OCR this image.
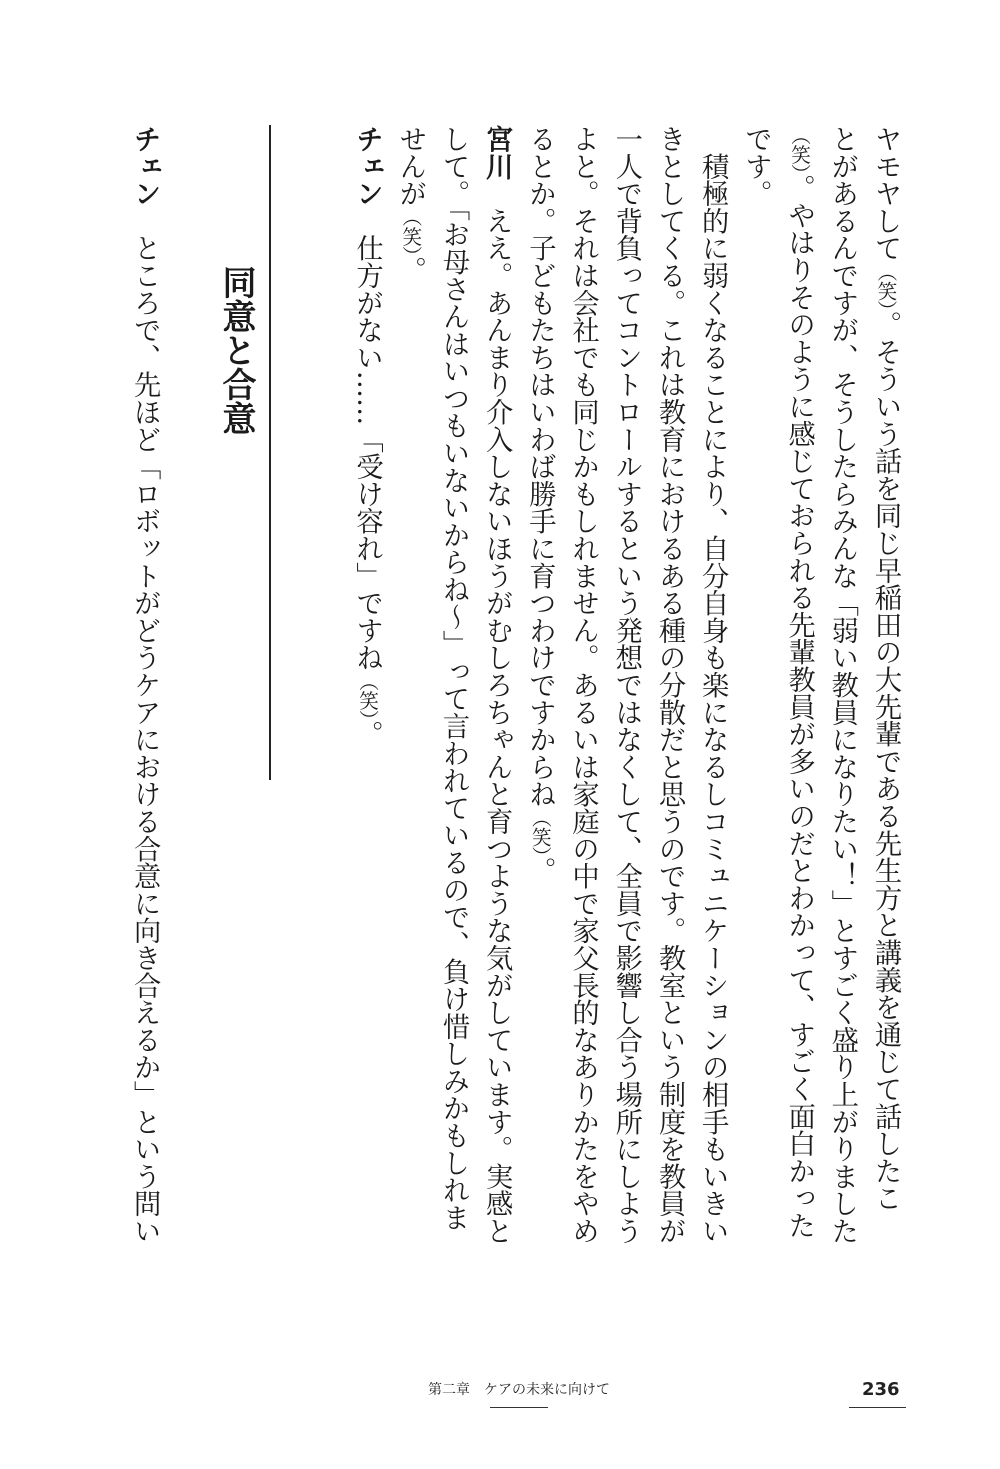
ヤモヤして（笑）。そういう話を同じ早稲田の大先輩である先生方と講義を通じて話したこ
とがあるんですが、そうしたらみんな「弱い教員になりたい！」とすごく盛り上がりました
（笑）。やはりそのように感じておられる先輩教員が多いのだとわかって、すごく面白かった
です。
　積極的に弱くなることにより、自分自身も楽になるしコミュニケーションの相手もいきい
きとしてくる。これは教育におけるある種の分散だと思うのです。教室という制度を教員が
一人で背負ってコントロールするという発想ではなくして、全員で影響し合う場所にしよう
よと。それは会社でも同じかもしれません。あるいは家庭の中で家父長的なありかたをやめ
るとか。子どもたちはいわば勝手に育つわけですからね（笑）。
宮川　ええ。あんまり介入しないほうがむしろちゃんと育つような気がしています。実感と
して。「お母さんはいつもいないからね〜」って言われているので、負け惜しみかもしれま
せんが（笑）。
チェン　仕方がない……「受け容れ」ですね（笑）。
同意と合意
チェン　ところで、先ほど「ロボットがどうケアにおける合意に向き合えるか」という問い
第二章　ケアの未来に向けて	236
